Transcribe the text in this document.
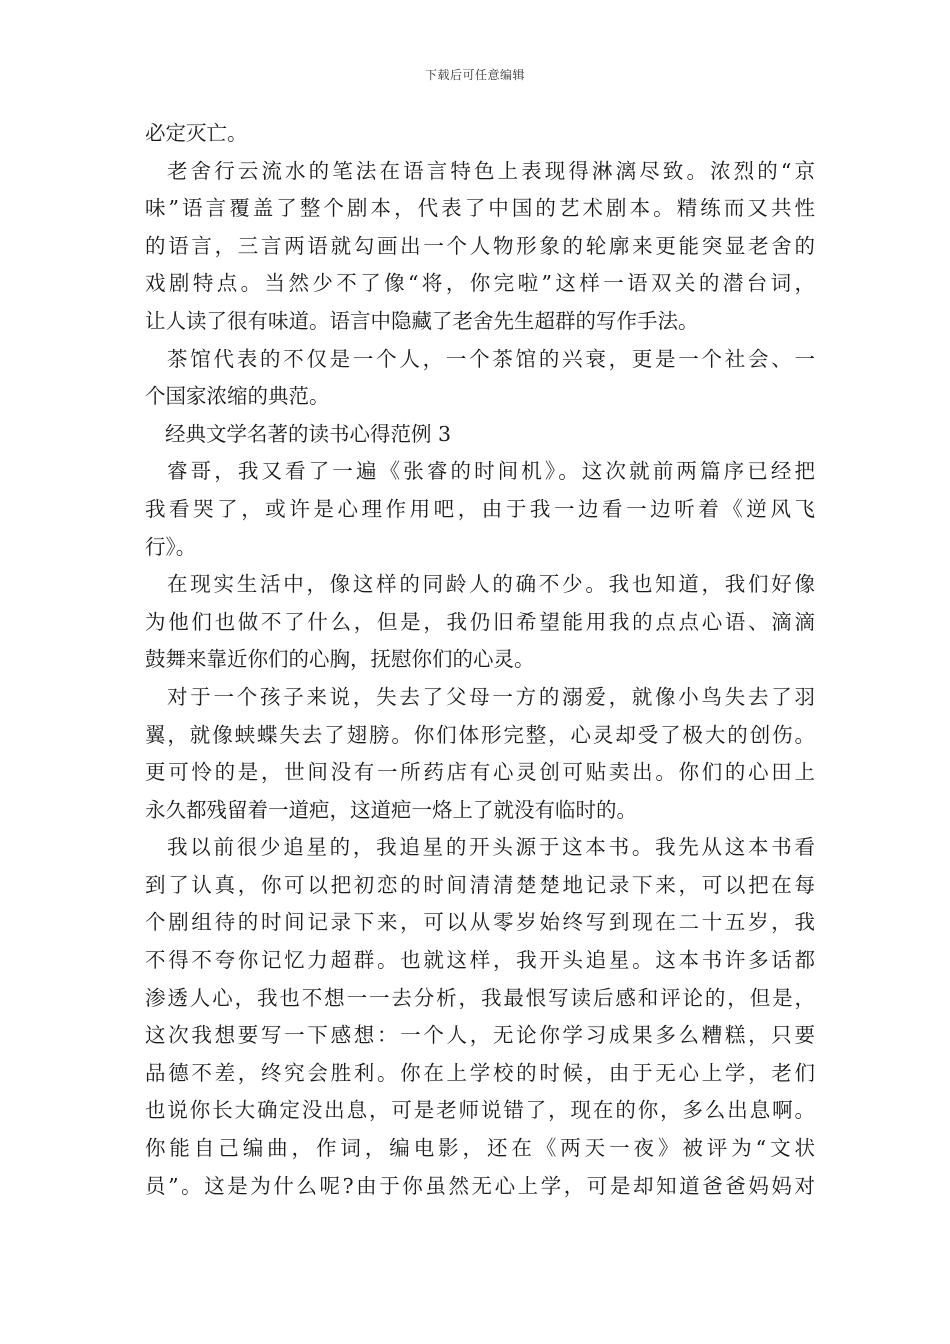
下载后可任意编辑
必定灭亡。
老舍行云流水的笔法在语言特色上表现得淋漓尽致。浓烈的“京
味”语言覆盖了整个剧本，代表了中国的艺术剧本。精练而又共性
的语言，三言两语就勾画出一个人物形象的轮廓来更能突显老舍的
戏剧特点。当然少不了像“将，你完啦”这样一语双关的潜台词，
让人读了很有味道。语言中隐藏了老舍先生超群的写作手法。
茶馆代表的不仅是一个人，一个茶馆的兴衰，更是一个社会、一
个国家浓缩的典范。
经典文学名著的读书心得范例 3
睿哥，我又看了一遍《张睿的时间机》。这次就前两篇序已经把
我看哭了，或许是心理作用吧，由于我一边看一边听着《逆风飞
行》。
在现实生活中，像这样的同龄人的确不少。我也知道，我们好像
为他们也做不了什么，但是，我仍旧希望能用我的点点心语、滴滴
鼓舞来靠近你们的心胸，抚慰你们的心灵。
对于一个孩子来说，失去了父母一方的溺爱，就像小鸟失去了羽
翼，就像蛱蝶失去了翅膀。你们体形完整，心灵却受了极大的创伤。
更可怜的是，世间没有一所药店有心灵创可贴卖出。你们的心田上
永久都残留着一道疤，这道疤一烙上了就没有临时的。
我以前很少追星的，我追星的开头源于这本书。我先从这本书看
到了认真，你可以把初恋的时间清清楚楚地记录下来，可以把在每
个剧组待的时间记录下来，可以从零岁始终写到现在二十五岁，我
不得不夸你记忆力超群。也就这样，我开头追星。这本书许多话都
渗透人心，我也不想一一去分析，我最恨写读后感和评论的，但是，
这次我想要写一下感想：一个人，无论你学习成果多么糟糕，只要
品德不差，终究会胜利。你在上学校的时候，由于无心上学，老们
也说你长大确定没出息，可是老师说错了，现在的你，多么出息啊。
你能自己编曲，作词，编电影，还在《两天一夜》被评为“文状
员”。这是为什么呢?由于你虽然无心上学，可是却知道爸爸妈妈对
